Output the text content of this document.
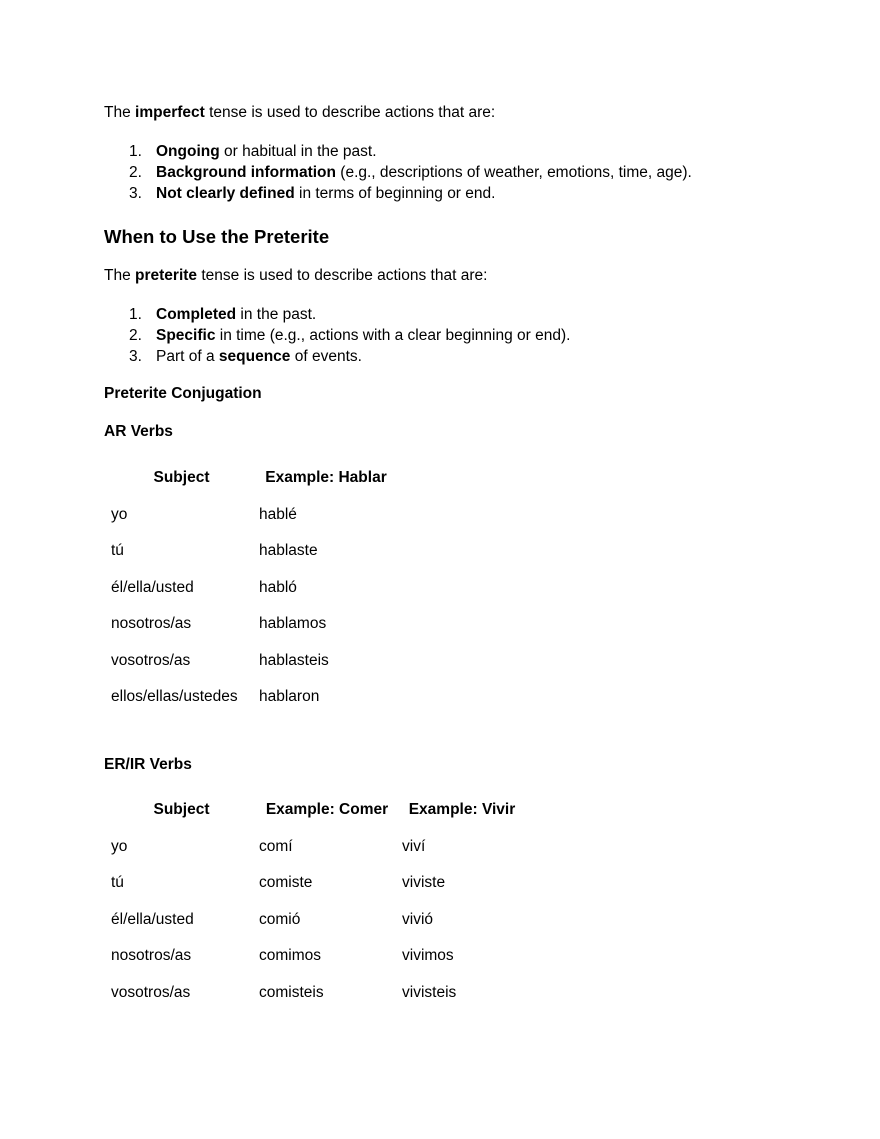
The imperfect tense is used to describe actions that are:

1. Ongoing or habitual in the past.
2. Background information (e.g., descriptions of weather, emotions, time, age).
3. Not clearly defined in terms of beginning or end.
When to Use the Preterite

The preterite tense is used to describe actions that are:

1. Completed in the past.
2. Specific in time (e.g., actions with a clear beginning or end).
3. Part of a sequence of events.
Preterite Conjugation
AR Verbs
Subject	Example: Hablar
yo	hablé
tú	hablaste
él/ella/usted	habló
nosotros/as	hablamos
vosotros/as	hablasteis
ellos/ellas/ustedes	hablaron
ER/IR Verbs
Subject	Example: Comer	Example: Vivir
yo	comí	viví
tú	comiste	viviste
él/ella/usted	comió	vivió
nosotros/as	comimos	vivimos
vosotros/as	comisteis	vivisteis
